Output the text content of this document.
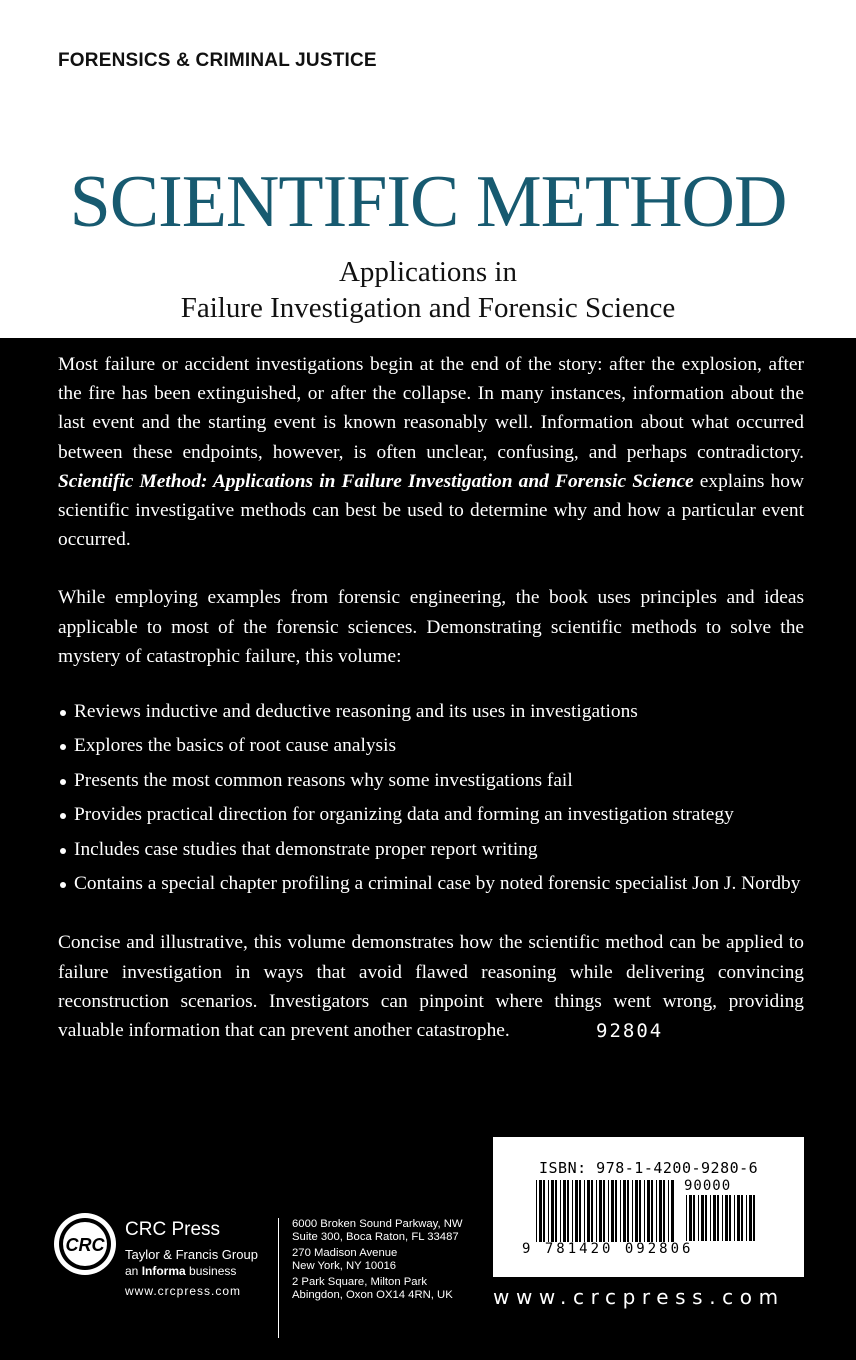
FORENSICS & CRIMINAL JUSTICE
SCIENTIFIC METHOD
Applications in
Failure Investigation and Forensic Science

Most failure or accident investigations begin at the end of the story: after the explosion, after the fire has been extinguished, or after the collapse. In many instances, information about the last event and the starting event is known reasonably well. Information about what occurred between these endpoints, however, is often unclear, confusing, and perhaps contradictory. Scientific Method: Applications in Failure Investigation and Forensic Science explains how scientific investigative methods can best be used to determine why and how a particular event occurred.

While employing examples from forensic engineering, the book uses principles and ideas applicable to most of the forensic sciences. Demonstrating scientific methods to solve the mystery of catastrophic failure, this volume:

Reviews inductive and deductive reasoning and its uses in investigations
Explores the basics of root cause analysis
Presents the most common reasons why some investigations fail
Provides practical direction for organizing data and forming an investigation strategy
Includes case studies that demonstrate proper report writing
Contains a special chapter profiling a criminal case by noted forensic specialist Jon J. Nordby

Concise and illustrative, this volume demonstrates how the scientific method can be applied to failure investigation in ways that avoid flawed reasoning while delivering convincing reconstruction scenarios. Investigators can pinpoint where things went wrong, providing valuable information that can prevent another catastrophe.	92804
ISBN: 978-1-4200-9280-6
90000
9 781420 092806
CRC
CRC Press
Taylor & Francis Group
an Informa business
www.crcpress.com
6000 Broken Sound Parkway, NW
Suite 300, Boca Raton, FL 33487
270 Madison Avenue
New York, NY 10016
2 Park Square, Milton Park
Abingdon, Oxon OX14 4RN, UK	www.crcpress.com
